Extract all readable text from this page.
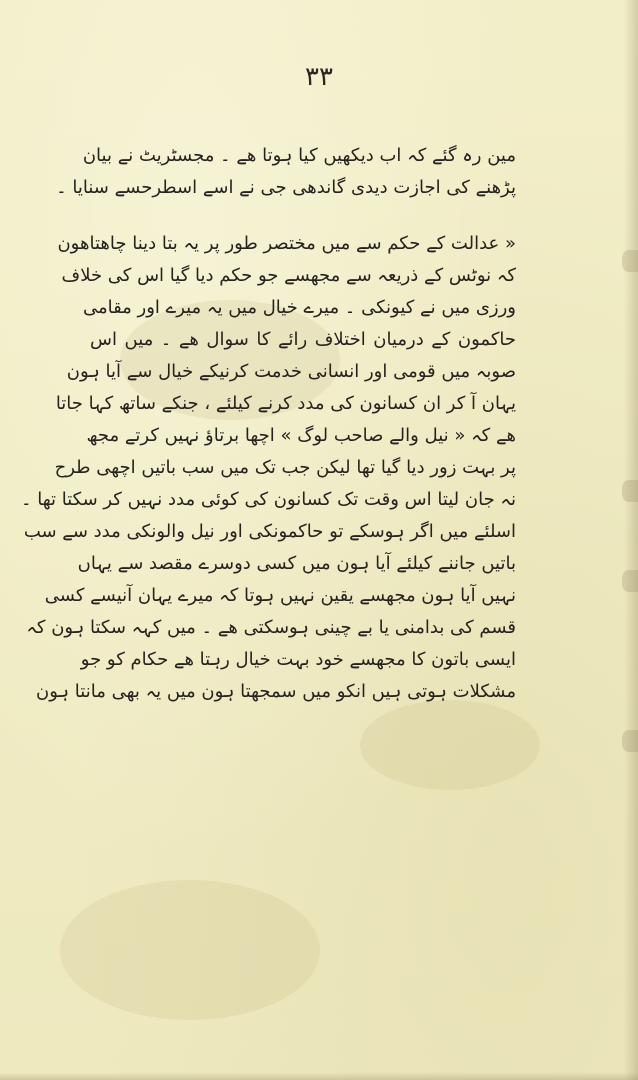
۳۳
مین رہ گئے کہ اب دیکھیں کیا ہوتا ھے ۔ مجسٹریٹ نے بیان
پڑھنے کی اجازت دیدی گاندھی جی نے اسے اسطرحسے سنایا ۔
« عدالت کے حکم سے میں مختصر طور پر یہ بتا دینا چاھتاھون
کہ نوٹس کے ذریعہ سے مجھسے جو حکم دیا گیا اس کی خلاف
ورزی میں نے کیونکی ۔ میرے خیال میں یہ میرے اور مقامی
حاکمون کے درمیان اختلاف رائے کا سوال ھے ۔ میں اس
صوبہ میں قومی اور انسانی خدمت کرنیکے خیال سے آیا ہون
یہان آ کر ان کسانون کی مدد کرنے کیلئے ، جنکے ساتھ کہا جاتا
ھے کہ « نیل والے صاحب لوگ » اچھا برتاؤ نہیں کرتے مجھ
پر بہت زور دیا گیا تھا لیکن جب تک میں سب باتیں اچھی طرح
نہ جان لیتا اس وقت تک کسانون کی کوئی مدد نہیں کر سکتا تھا ۔
اسلئے میں اگر ہوسکے تو حاکمونکی اور نیل والونکی مدد سے سب
باتیں جاننے کیلئے آیا ہون میں کسی دوسرے مقصد سے یہاں
نہیں آیا ہون مجھسے یقین نہیں ہوتا کہ میرے یہان آنیسے کسی
قسم کی بدامنی یا بے چینی ہوسکتی ھے ۔ میں کہہ سکتا ہون کہ
ایسی باتون کا مجھسے خود بہت خیال رہتا ھے حکام کو جو
مشکلات ہوتی ہیں انکو میں سمجھتا ہون میں یہ بھی مانتا ہون
